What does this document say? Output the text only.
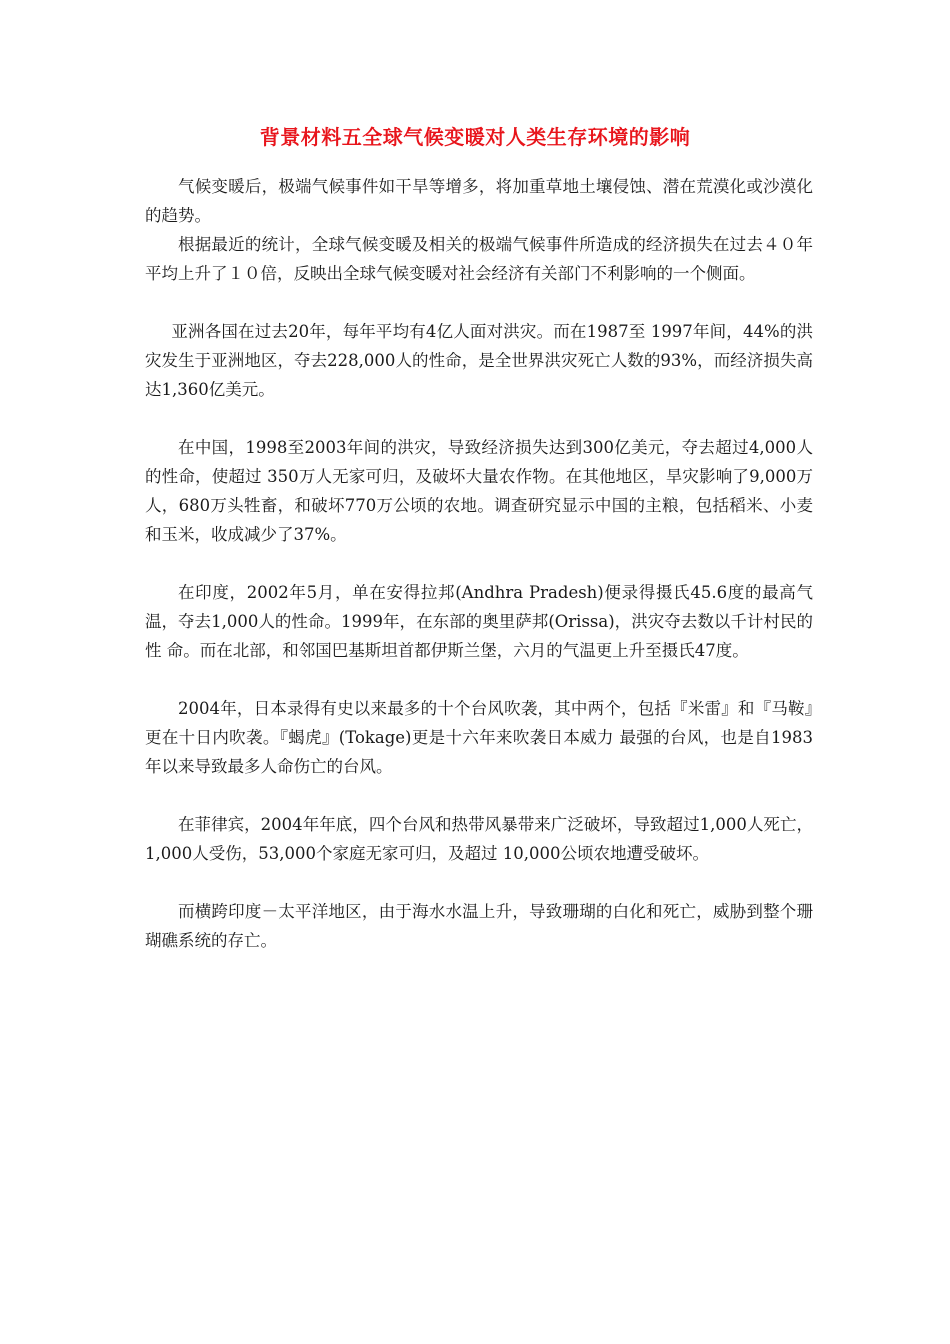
背景材料五全球气候变暖对人类生存环境的影响

气候变暖后，极端气候事件如干旱等增多，将加重草地土壤侵蚀、潜在荒漠化或沙漠化的趋势。

根据最近的统计，全球气候变暖及相关的极端气候事件所造成的经济损失在过去４０年平均上升了１０倍，反映出全球气候变暖对社会经济有关部门不利影响的一个侧面。

亚洲各国在过去20年，每年平均有4亿人面对洪灾。而在1987至 1997年间，44%的洪灾发生于亚洲地区，夺去228,000人的性命，是全世界洪灾死亡人数的93%，而经济损失高达1,360亿美元。

在中国，1998至2003年间的洪灾，导致经济损失达到300亿美元，夺去超过4,000人的性命，使超过 350万人无家可归，及破坏大量农作物。在其他地区，旱灾影响了9,000万人，680万头牲畜，和破坏770万公顷的农地。调查研究显示中国的主粮，包括稻米、小麦和玉米，收成减少了37%。

在印度，2002年5月，单在安得拉邦(Andhra Pradesh)便录得摄氏45.6度的最高气温，夺去1,000人的性命。1999年，在东部的奥里萨邦(Orissa)，洪灾夺去数以千计村民的性 命。而在北部，和邻国巴基斯坦首都伊斯兰堡，六月的气温更上升至摄氏47度。

2004年，日本录得有史以来最多的十个台风吹袭，其中两个，包括『米雷』和『马鞍』更在十日内吹袭。『蝎虎』(Tokage)更是十六年来吹袭日本威力 最强的台风，也是自1983年以来导致最多人命伤亡的台风。

在菲律宾，2004年年底，四个台风和热带风暴带来广泛破坏，导致超过1,000人死亡，1,000人受伤，53,000个家庭无家可归，及超过 10,000公顷农地遭受破坏。

而横跨印度－太平洋地区，由于海水水温上升，导致珊瑚的白化和死亡，威胁到整个珊瑚礁系统的存亡。
